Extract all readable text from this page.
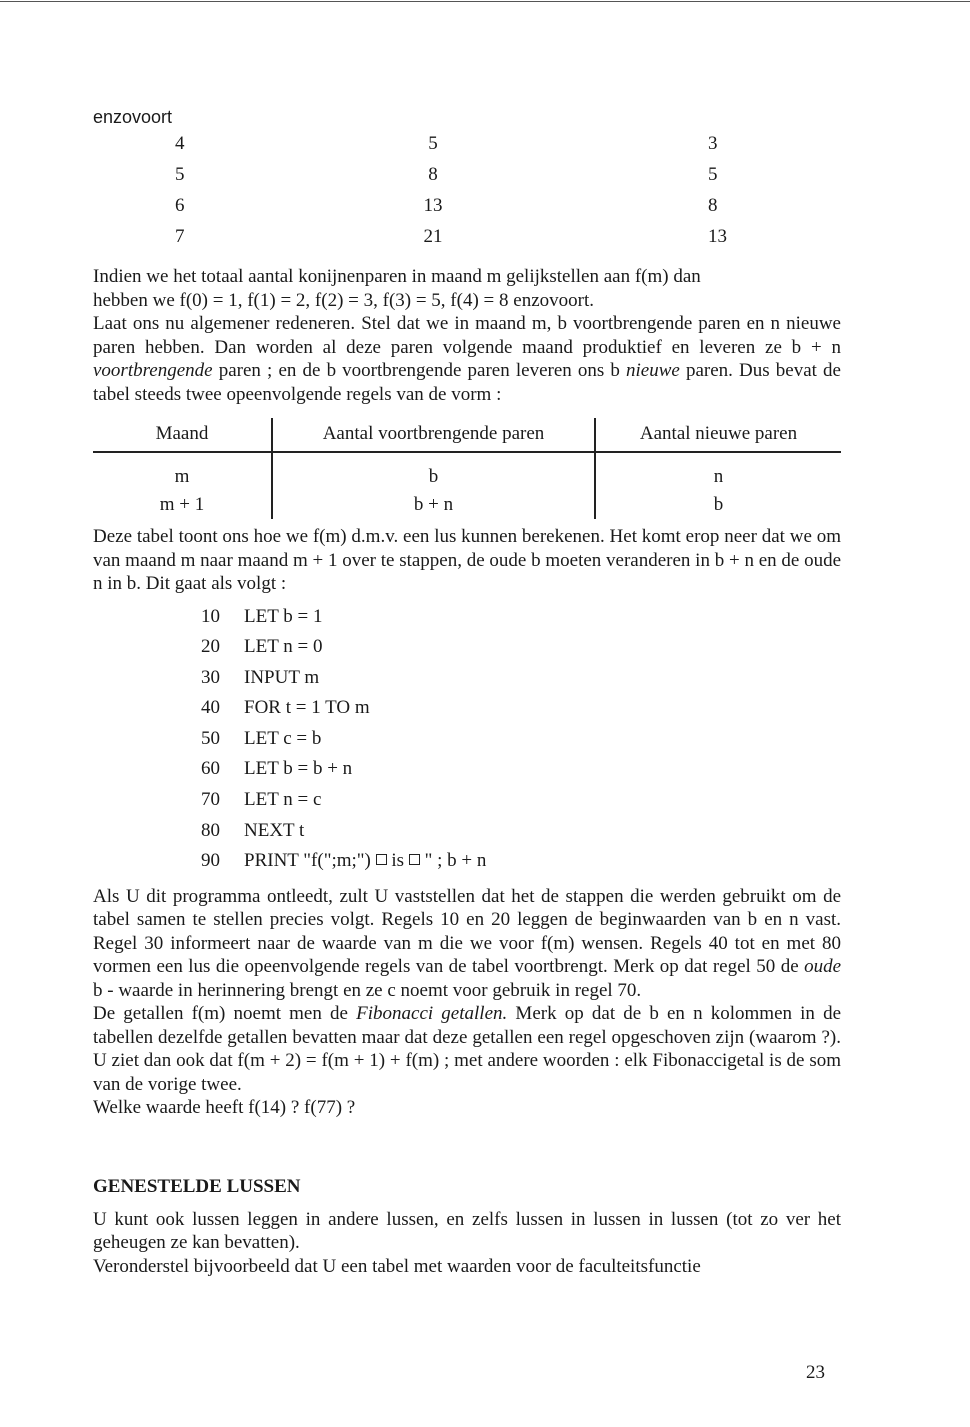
enzovoort

4	5	3
5	8	5
6	13	8
7	21	13

Indien we het totaal aantal konijnenparen in maand m gelijkstellen aan f(m) dan
hebben we f(0) = 1, f(1) = 2, f(2) = 3, f(3) = 5, f(4) = 8 enzovoort.

Laat ons nu algemener redeneren. Stel dat we in maand m, b voortbrengende paren en n nieuwe paren hebben. Dan worden al deze paren volgende maand produktief en leveren ze b + n voortbrengende paren ; en de b voortbrengende paren leveren ons b nieuwe paren. Dus bevat de tabel steeds twee opeenvolgende regels van de vorm :

Maand	Aantal voortbrengende paren	Aantal nieuwe paren
m	b	n
m + 1	b + n	b

Deze tabel toont ons hoe we f(m) d.m.v. een lus kunnen berekenen. Het komt erop neer dat we om van maand m naar maand m + 1 over te stappen, de oude b moeten veranderen in b + n en de oude n in b. Dit gaat als volgt :

10	LET b = 1
20	LET n = 0
30	INPUT m
40	FOR t = 1 TO m
50	LET c = b
60	LET b = b + n
70	LET n = c
80	NEXT t
90	PRINT "f(";m;") is " ; b + n

Als U dit programma ontleedt, zult U vaststellen dat het de stappen die werden gebruikt om de tabel samen te stellen precies volgt. Regels 10 en 20 leggen de beginwaarden van b en n vast. Regel 30 informeert naar de waarde van m die we voor f(m) wensen. Regels 40 tot en met 80 vormen een lus die opeenvolgende regels van de tabel voortbrengt. Merk op dat regel 50 de oude b - waarde in herinnering brengt en ze c noemt voor gebruik in regel 70.

De getallen f(m) noemt men de Fibonacci getallen. Merk op dat de b en n kolommen in de tabellen dezelfde getallen bevatten maar dat deze getallen een regel opgeschoven zijn (waarom ?). U ziet dan ook dat f(m + 2) = f(m + 1) + f(m) ; met andere woorden : elk Fibonaccigetal is de som van de vorige twee.

Welke waarde heeft f(14) ? f(77) ?

GENESTELDE LUSSEN

U kunt ook lussen leggen in andere lussen, en zelfs lussen in lussen in lussen (tot zo ver het geheugen ze kan bevatten).

Veronderstel bijvoorbeeld dat U een tabel met waarden voor de faculteitsfunctie

23
